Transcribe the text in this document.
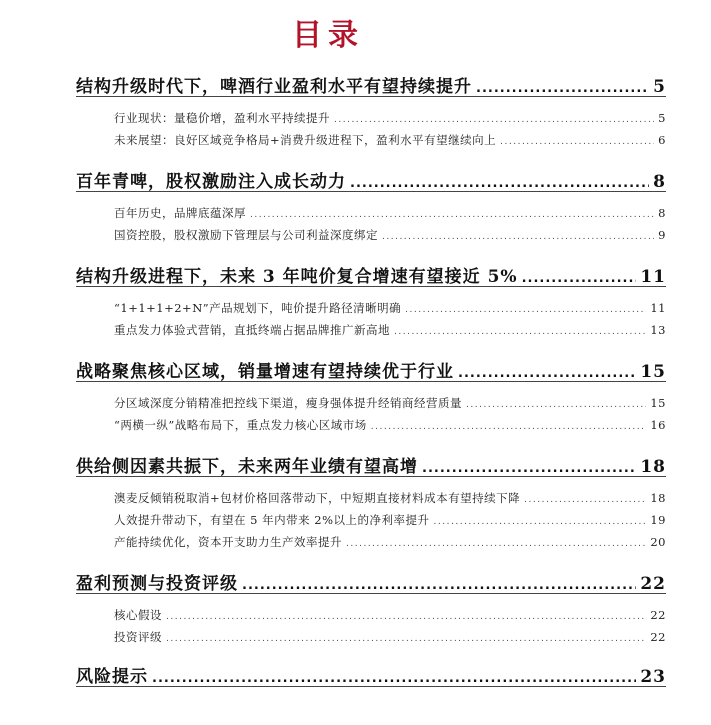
目录
结构升级时代下，啤酒行业盈利水平有望持续提升 .....	5
行业现状：量稳价增，盈利水平持续提升 .....	5
未来展望：良好区域竞争格局+消费升级进程下，盈利水平有望继续向上 .....	6
百年青啤，股权激励注入成长动力 .....	8
百年历史，品牌底蕴深厚 .....	8
国资控股，股权激励下管理层与公司利益深度绑定 .....	9
结构升级进程下，未来 3 年吨价复合增速有望接近 5% .....	11
“1+1+1+2+N”产品规划下，吨价提升路径清晰明确 .....	11
重点发力体验式营销，直抵终端占据品牌推广新高地 .....	13
战略聚焦核心区域，销量增速有望持续优于行业 .....	15
分区域深度分销精准把控线下渠道，瘦身强体提升经销商经营质量 .....	15
“两横一纵”战略布局下，重点发力核心区域市场 .....	16
供给侧因素共振下，未来两年业绩有望高增 .....	18
澳麦反倾销税取消+包材价格回落带动下，中短期直接材料成本有望持续下降 .....	18
人效提升带动下，有望在 5 年内带来 2%以上的净利率提升 .....	19
产能持续优化，资本开支助力生产效率提升 .....	20
盈利预测与投资评级 .....	22
核心假设 .....	22
投资评级 .....	22
风险提示 .....	23
